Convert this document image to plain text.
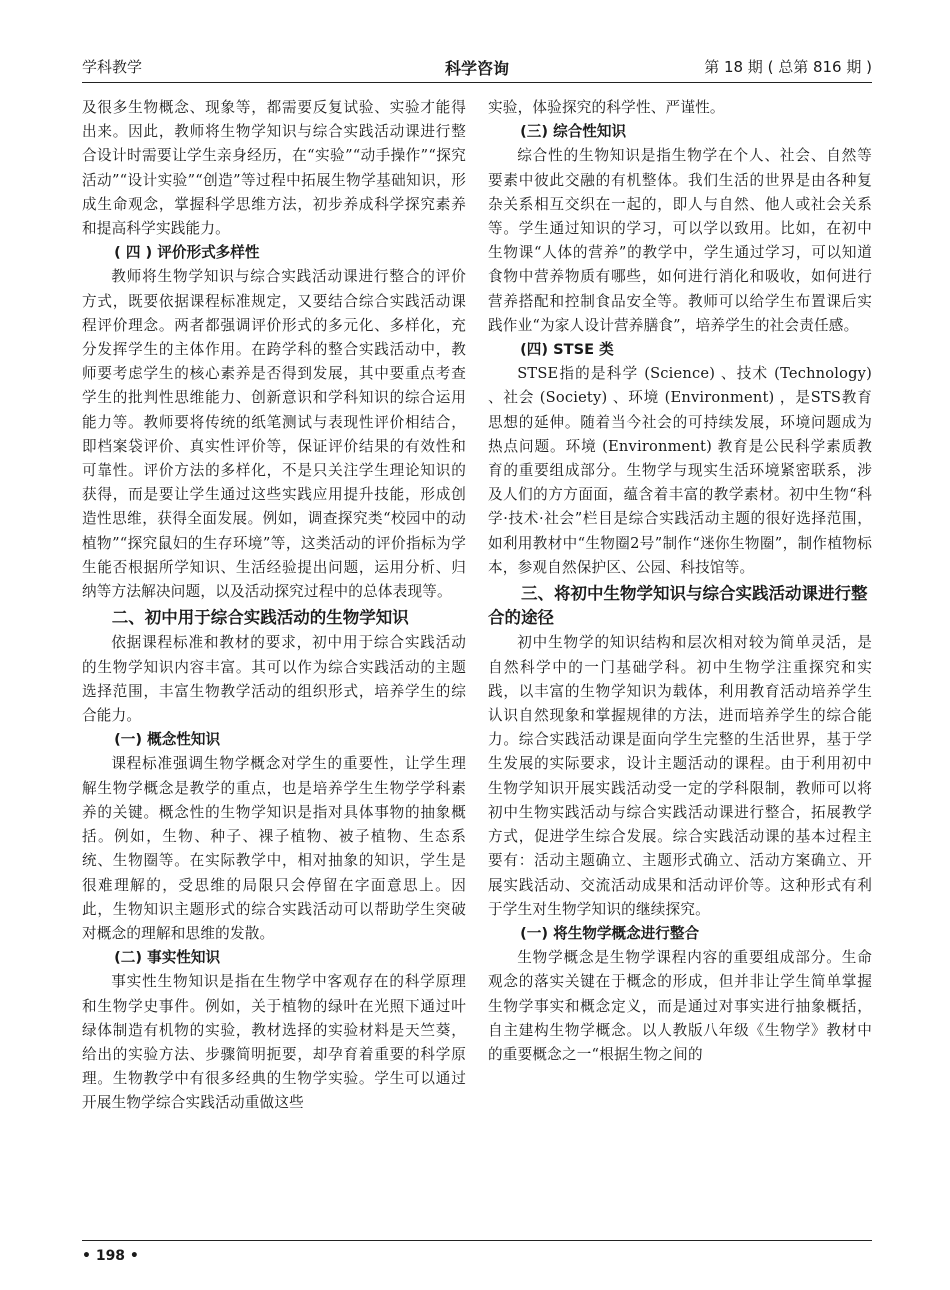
学科教学	科学咨询	第 18 期 ( 总第 816 期 )

及很多生物概念、现象等，都需要反复试验、实验才能得出来。因此，教师将生物学知识与综合实践活动课进行整合设计时需要让学生亲身经历，在“实验”“动手操作”“探究活动”“设计实验”“创造”等过程中拓展生物学基础知识，形成生命观念，掌握科学思维方法，初步养成科学探究素养和提高科学实践能力。

( 四 ) 评价形式多样性

教师将生物学知识与综合实践活动课进行整合的评价方式，既要依据课程标准规定，又要结合综合实践活动课程评价理念。两者都强调评价形式的多元化、多样化，充分发挥学生的主体作用。在跨学科的整合实践活动中，教师要考虑学生的核心素养是否得到发展，其中要重点考查学生的批判性思维能力、创新意识和学科知识的综合运用能力等。教师要将传统的纸笔测试与表现性评价相结合，即档案袋评价、真实性评价等，保证评价结果的有效性和可靠性。评价方法的多样化，不是只关注学生理论知识的获得，而是要让学生通过这些实践应用提升技能，形成创造性思维，获得全面发展。例如，调查探究类“校园中的动植物”“探究鼠妇的生存环境”等，这类活动的评价指标为学生能否根据所学知识、生活经验提出问题，运用分析、归纳等方法解决问题，以及活动探究过程中的总体表现等。

二、初中用于综合实践活动的生物学知识

依据课程标准和教材的要求，初中用于综合实践活动的生物学知识内容丰富。其可以作为综合实践活动的主题选择范围，丰富生物教学活动的组织形式，培养学生的综合能力。

(一) 概念性知识

课程标准强调生物学概念对学生的重要性，让学生理解生物学概念是教学的重点，也是培养学生生物学学科素养的关键。概念性的生物学知识是指对具体事物的抽象概括。例如，生物、种子、裸子植物、被子植物、生态系统、生物圈等。在实际教学中，相对抽象的知识，学生是很难理解的，受思维的局限只会停留在字面意思上。因此，生物知识主题形式的综合实践活动可以帮助学生突破对概念的理解和思维的发散。

(二) 事实性知识

事实性生物知识是指在生物学中客观存在的科学原理和生物学史事件。例如，关于植物的绿叶在光照下通过叶绿体制造有机物的实验，教材选择的实验材料是天竺葵，给出的实验方法、步骤简明扼要，却孕育着重要的科学原理。生物教学中有很多经典的生物学实验。学生可以通过开展生物学综合实践活动重做这些

实验，体验探究的科学性、严谨性。

(三) 综合性知识

综合性的生物知识是指生物学在个人、社会、自然等要素中彼此交融的有机整体。我们生活的世界是由各种复杂关系相互交织在一起的，即人与自然、他人或社会关系等。学生通过知识的学习，可以学以致用。比如，在初中生物课“人体的营养”的教学中，学生通过学习，可以知道食物中营养物质有哪些，如何进行消化和吸收，如何进行营养搭配和控制食品安全等。教师可以给学生布置课后实践作业“为家人设计营养膳食”，培养学生的社会责任感。

(四) STSE 类

STSE指的是科学 (Science) 、技术 (Technology) 、社会 (Society) 、环境 (Environment) ，是STS教育思想的延伸。随着当今社会的可持续发展，环境问题成为热点问题。环境 (Environment) 教育是公民科学素质教育的重要组成部分。生物学与现实生活环境紧密联系，涉及人们的方方面面，蕴含着丰富的教学素材。初中生物“科学·技术·社会”栏目是综合实践活动主题的很好选择范围，如利用教材中“生物圈2号”制作“迷你生物圈”，制作植物标本，参观自然保护区、公园、科技馆等。

三、将初中生物学知识与综合实践活动课进行整合的途径

初中生物学的知识结构和层次相对较为简单灵活，是自然科学中的一门基础学科。初中生物学注重探究和实践，以丰富的生物学知识为载体，利用教育活动培养学生认识自然现象和掌握规律的方法，进而培养学生的综合能力。综合实践活动课是面向学生完整的生活世界，基于学生发展的实际要求，设计主题活动的课程。由于利用初中生物学知识开展实践活动受一定的学科限制，教师可以将初中生物实践活动与综合实践活动课进行整合，拓展教学方式，促进学生综合发展。综合实践活动课的基本过程主要有：活动主题确立、主题形式确立、活动方案确立、开展实践活动、交流活动成果和活动评价等。这种形式有利于学生对生物学知识的继续探究。

(一) 将生物学概念进行整合

生物学概念是生物学课程内容的重要组成部分。生命观念的落实关键在于概念的形成，但并非让学生简单掌握生物学事实和概念定义，而是通过对事实进行抽象概括，自主建构生物学概念。以人教版八年级《生物学》教材中的重要概念之一“根据生物之间的

• 198 •
